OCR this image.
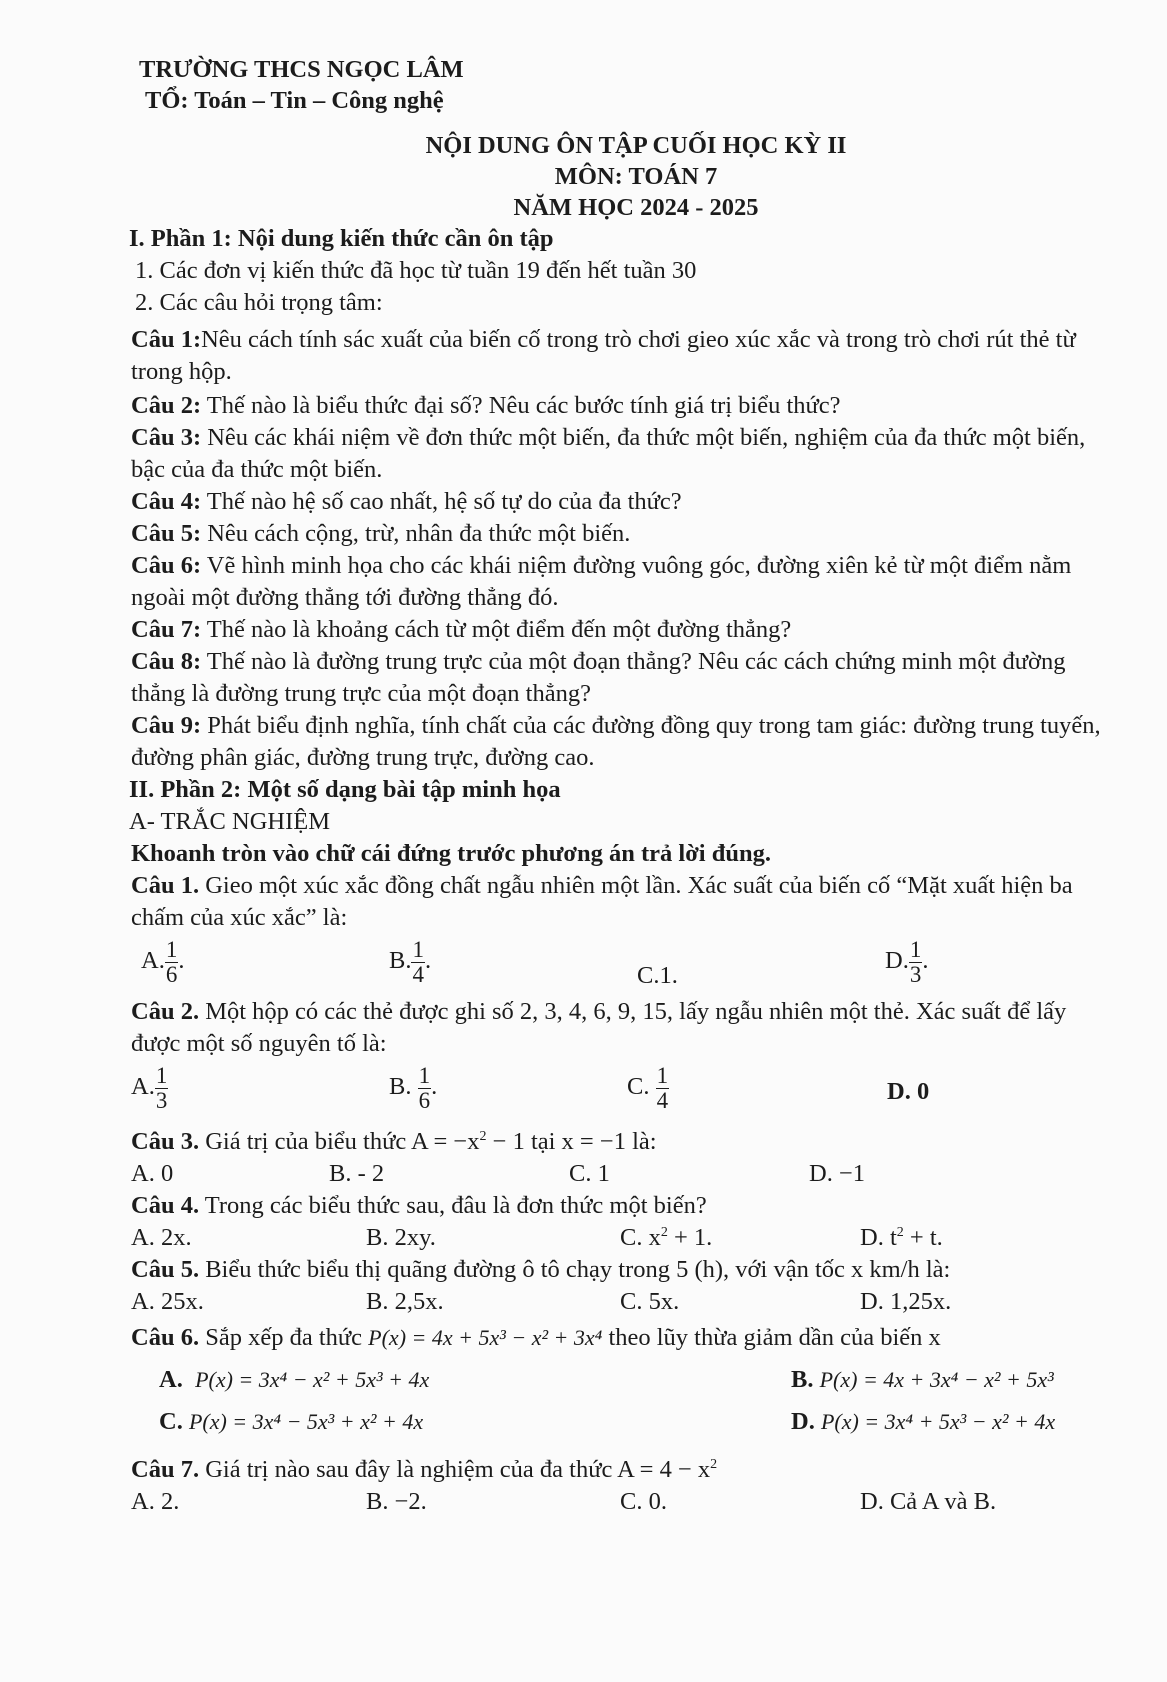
TRƯỜNG THCS NGỌC LÂM
TỔ: Toán – Tin – Công nghệ
NỘI DUNG ÔN TẬP CUỐI HỌC KỲ II
MÔN: TOÁN 7
NĂM HỌC 2024 - 2025

I. Phần 1: Nội dung kiến thức cần ôn tập

1. Các đơn vị kiến thức đã học từ tuần 19 đến hết tuần 30

2. Các câu hỏi trọng tâm:

Câu 1:Nêu cách tính sác xuất của biến cố trong trò chơi gieo xúc xắc và trong trò chơi rút thẻ từ trong hộp.

Câu 2: Thế nào là biểu thức đại số? Nêu các bước tính giá trị biểu thức?

Câu 3: Nêu các khái niệm về đơn thức một biến, đa thức một biến, nghiệm của đa thức một biến, bậc của đa thức một biến.

Câu 4: Thế nào hệ số cao nhất, hệ số tự do của đa thức?

Câu 5: Nêu cách cộng, trừ, nhân đa thức một biến.

Câu 6: Vẽ hình minh họa cho các khái niệm đường vuông góc, đường xiên kẻ từ một điểm nằm ngoài một đường thẳng tới đường thẳng đó.

Câu 7: Thế nào là khoảng cách từ một điểm đến một đường thẳng?

Câu 8: Thế nào là đường trung trực của một đoạn thẳng? Nêu các cách chứng minh một đường thẳng là đường trung trực của một đoạn thẳng?

Câu 9: Phát biểu định nghĩa, tính chất của các đường đồng quy trong tam giác: đường trung tuyến, đường phân giác, đường trung trực, đường cao.

II. Phần 2: Một số dạng bài tập minh họa

A- TRẮC NGHIỆM

Khoanh tròn vào chữ cái đứng trước phương án trả lời đúng.

Câu 1. Gieo một xúc xắc đồng chất ngẫu nhiên một lần. Xác suất của biến cố “Mặt xuất hiện ba chấm của xúc xắc” là:

A. $\frac{1}{6}$ .	B. $\frac{1}{4}$ .
C.1.
D. $\frac{1}{3}$ .

Câu 2. Một hộp có các thẻ được ghi số 2, 3, 4, 6, 9, 15, lấy ngẫu nhiên một thẻ. Xác suất để lấy được một số nguyên tố là:

A. $\frac{1}{3}$	B. $\frac{1}{6}$ .	C. $\frac{1}{4}$	D. 0

Câu 3. Giá trị của biểu thức $A = -x^2 - 1$ tại x = −1 là:

A. 0	B. - 2	C. 1	D. −1

Câu 4. Trong các biểu thức sau, đâu là đơn thức một biến?

A. 2x.	B. 2xy.	C. $x^2 + 1$.	D. $t^2 + t$.

Câu 5. Biểu thức biểu thị quãng đường ô tô chạy trong 5 (h), với vận tốc x km/h là:

A. 25x.	B. 2,5x.	C. 5x.	D. 1,25x.

Câu 6. Sắp xếp đa thức P(x) = 4x + 5x³ − x² + 3x⁴ theo lũy thừa giảm dần của biến x

A. P(x) = 3x⁴ − x² + 5x³ + 4x	B. P(x) = 4x + 3x⁴ − x² + 5x³
C. P(x) = 3x⁴ − 5x³ + x² + 4x	D. P(x) = 3x⁴ + 5x³ − x² + 4x

Câu 7. Giá trị nào sau đây là nghiệm của đa thức $A = 4 - x^2$

A. 2.	B. −2.	C. 0.	D. Cả A và B.
